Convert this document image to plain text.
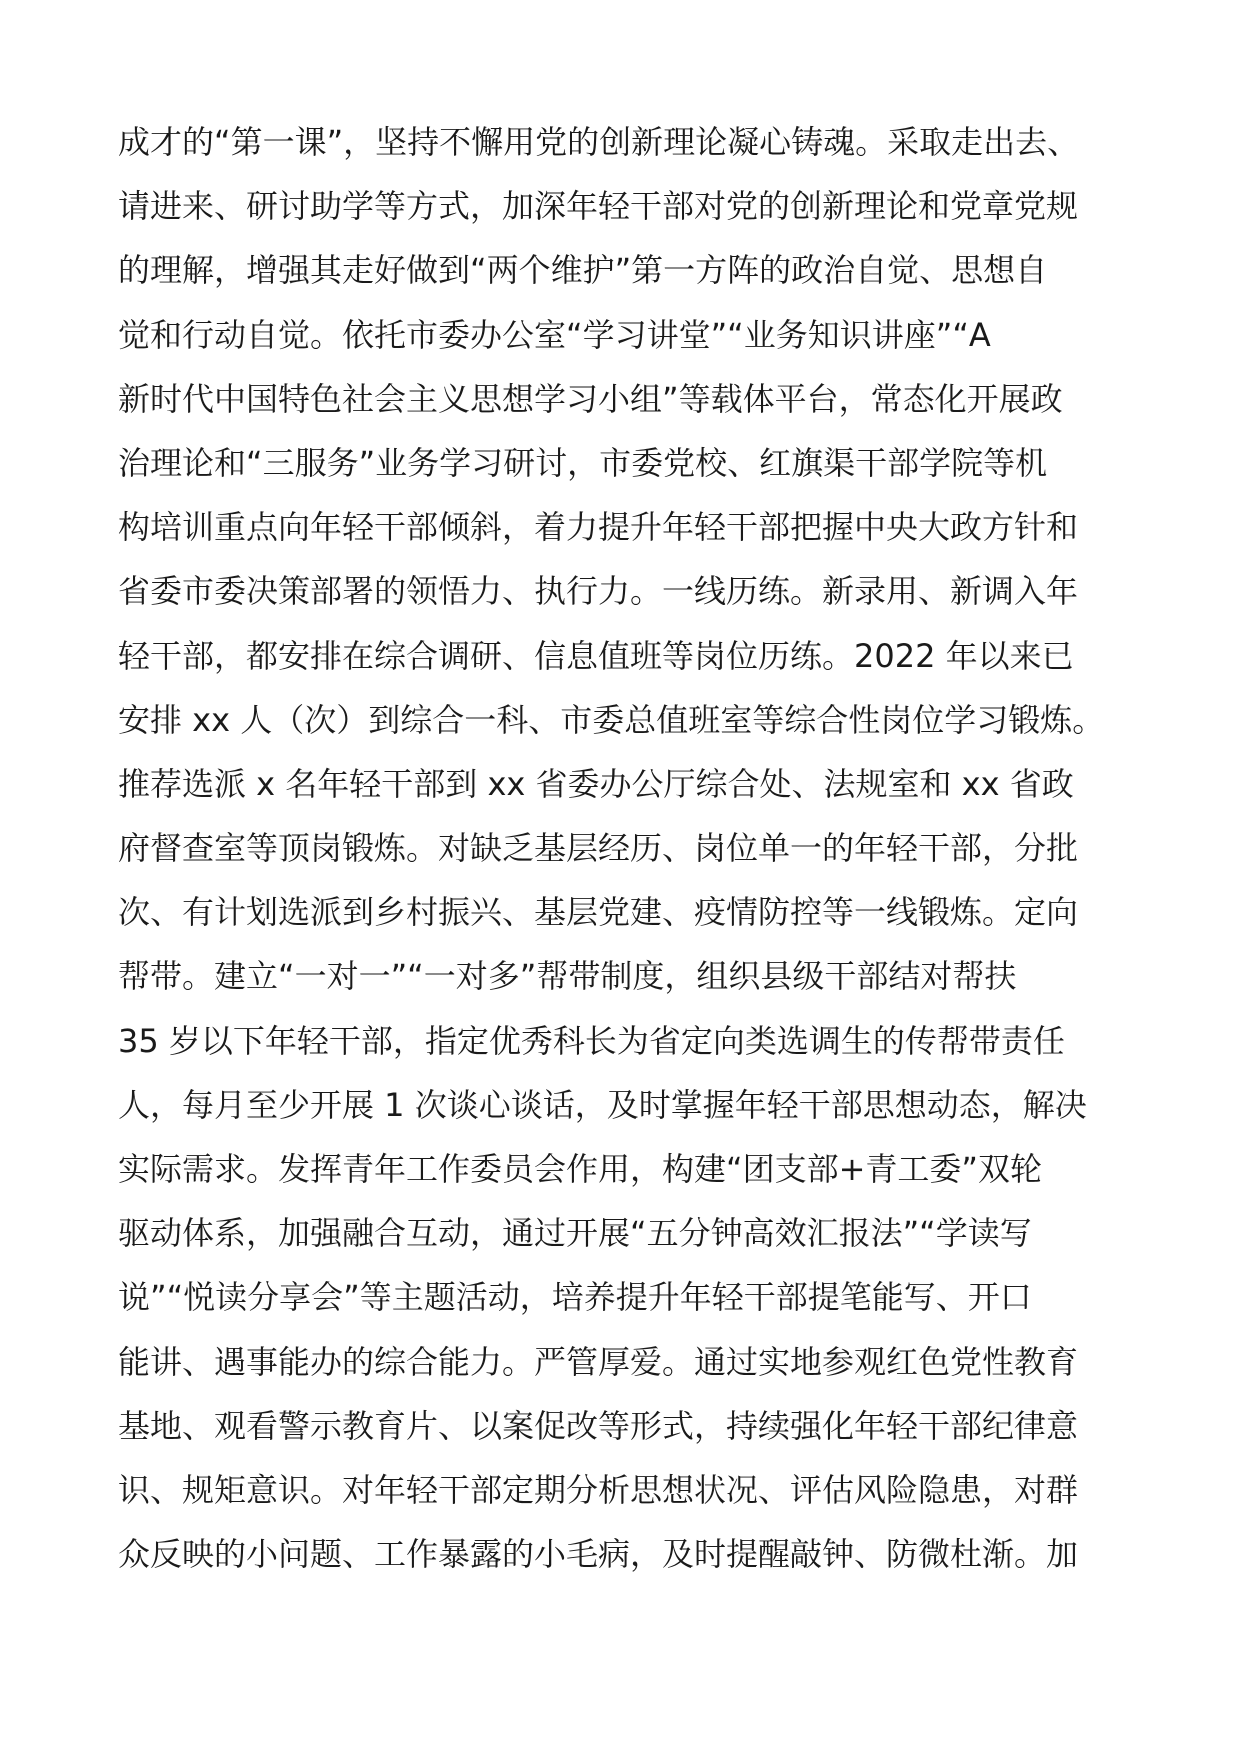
成才的“第一课”，坚持不懈用党的创新理论凝心铸魂。采取走出去、
请进来、研讨助学等方式，加深年轻干部对党的创新理论和党章党规
的理解，增强其走好做到“两个维护”第一方阵的政治自觉、思想自
觉和行动自觉。依托市委办公室“学习讲堂”“业务知识讲座”“A
新时代中国特色社会主义思想学习小组”等载体平台，常态化开展政
治理论和“三服务”业务学习研讨，市委党校、红旗渠干部学院等机
构培训重点向年轻干部倾斜，着力提升年轻干部把握中央大政方针和
省委市委决策部署的领悟力、执行力。一线历练。新录用、新调入年
轻干部，都安排在综合调研、信息值班等岗位历练。2022 年以来已
安排 xx 人（次）到综合一科、市委总值班室等综合性岗位学习锻炼。
推荐选派 x 名年轻干部到 xx 省委办公厅综合处、法规室和 xx 省政
府督查室等顶岗锻炼。对缺乏基层经历、岗位单一的年轻干部，分批
次、有计划选派到乡村振兴、基层党建、疫情防控等一线锻炼。定向
帮带。建立“一对一”“一对多”帮带制度，组织县级干部结对帮扶
35 岁以下年轻干部，指定优秀科长为省定向类选调生的传帮带责任
人，每月至少开展 1 次谈心谈话，及时掌握年轻干部思想动态，解决
实际需求。发挥青年工作委员会作用，构建“团支部+青工委”双轮
驱动体系，加强融合互动，通过开展“五分钟高效汇报法”“学读写
说”“悦读分享会”等主题活动，培养提升年轻干部提笔能写、开口
能讲、遇事能办的综合能力。严管厚爱。通过实地参观红色党性教育
基地、观看警示教育片、以案促改等形式，持续强化年轻干部纪律意
识、规矩意识。对年轻干部定期分析思想状况、评估风险隐患，对群
众反映的小问题、工作暴露的小毛病，及时提醒敲钟、防微杜渐。加
